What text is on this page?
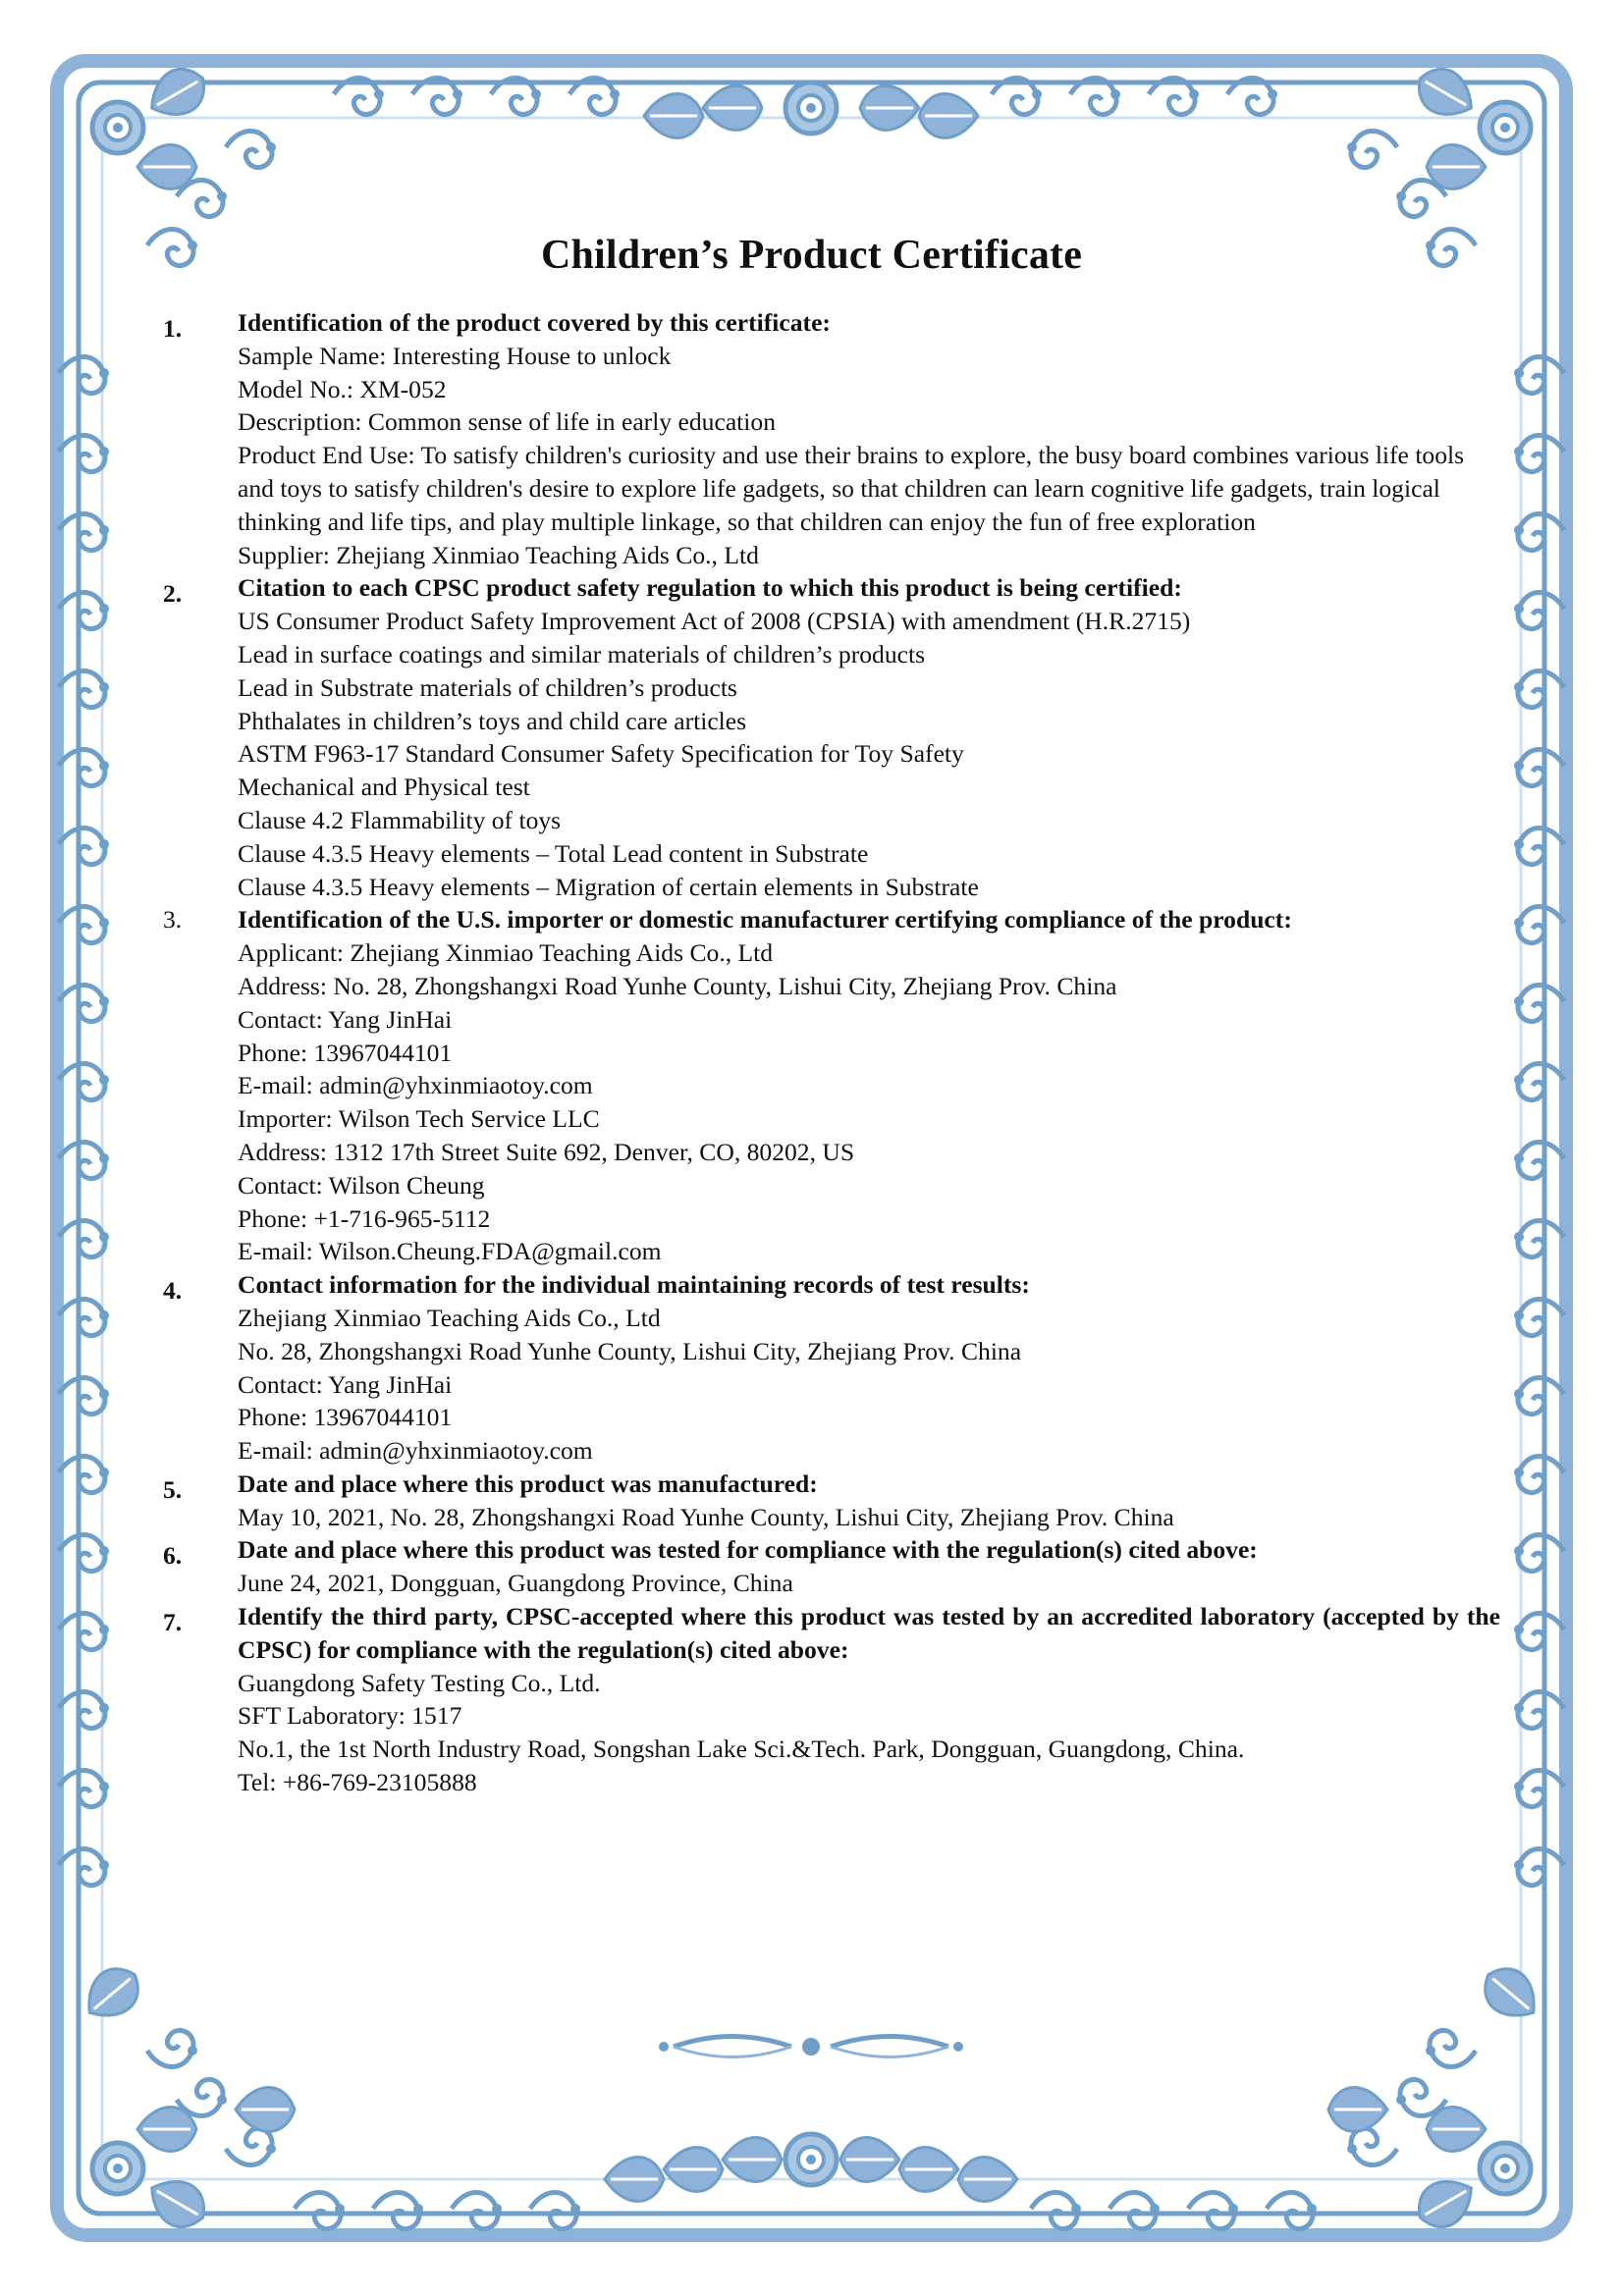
Children’s Product Certificate
1. Identification of the product covered by this certificate:
Sample Name: Interesting House to unlock
Model No.: XM-052
Description: Common sense of life in early education
Product End Use: To satisfy children's curiosity and use their brains to explore, the busy board combines various life tools and toys to satisfy children's desire to explore life gadgets, so that children can learn cognitive life gadgets, train logical thinking and life tips, and play multiple linkage, so that children can enjoy the fun of free exploration
Supplier: Zhejiang Xinmiao Teaching Aids Co., Ltd
2. Citation to each CPSC product safety regulation to which this product is being certified:
US Consumer Product Safety Improvement Act of 2008 (CPSIA) with amendment (H.R.2715)
Lead in surface coatings and similar materials of children’s products
Lead in Substrate materials of children’s products
Phthalates in children’s toys and child care articles
ASTM F963-17 Standard Consumer Safety Specification for Toy Safety
Mechanical and Physical test
Clause 4.2 Flammability of toys
Clause 4.3.5 Heavy elements – Total Lead content in Substrate
Clause 4.3.5 Heavy elements – Migration of certain elements in Substrate
3. Identification of the U.S. importer or domestic manufacturer certifying compliance of the product:
Applicant: Zhejiang Xinmiao Teaching Aids Co., Ltd
Address: No. 28, Zhongshangxi Road Yunhe County, Lishui City, Zhejiang Prov. China
Contact: Yang JinHai
Phone: 13967044101
E-mail: admin@yhxinmiaotoy.com
Importer: Wilson Tech Service LLC
Address: 1312 17th Street Suite 692, Denver, CO, 80202, US
Contact: Wilson Cheung
Phone: +1-716-965-5112
E-mail: Wilson.Cheung.FDA@gmail.com
4. Contact information for the individual maintaining records of test results:
Zhejiang Xinmiao Teaching Aids Co., Ltd
No. 28, Zhongshangxi Road Yunhe County, Lishui City, Zhejiang Prov. China
Contact: Yang JinHai
Phone: 13967044101
E-mail: admin@yhxinmiaotoy.com
5. Date and place where this product was manufactured:
May 10, 2021, No. 28, Zhongshangxi Road Yunhe County, Lishui City, Zhejiang Prov. China
6. Date and place where this product was tested for compliance with the regulation(s) cited above:
June 24, 2021, Dongguan, Guangdong Province, China
7. Identify the third party, CPSC-accepted where this product was tested by an accredited laboratory (accepted by the CPSC) for compliance with the regulation(s) cited above:
Guangdong Safety Testing Co., Ltd.
SFT Laboratory: 1517
No.1, the 1st North Industry Road, Songshan Lake Sci.&Tech. Park, Dongguan, Guangdong, China.
Tel: +86-769-23105888
